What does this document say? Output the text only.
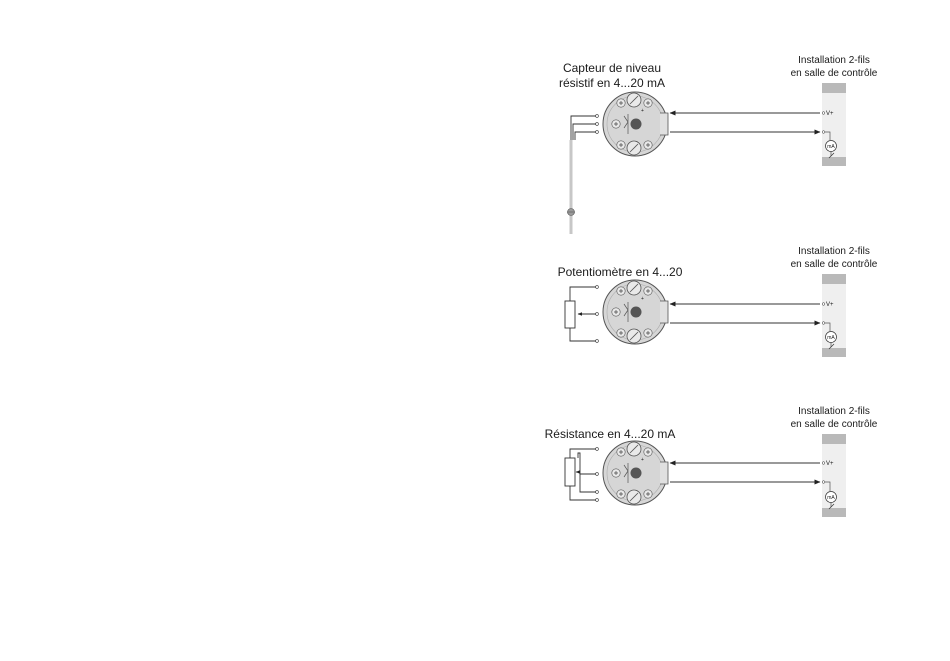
Capteur de niveau
résistif en 4...20 mA
+
Installation 2-fils
en salle de contrôle
V+
mA
Potentiomètre en 4...20
+
Installation 2-fils
en salle de contrôle
V+
mA
Résistance en 4...20 mA
+
Installation 2-fils
en salle de contrôle
V+
mA
